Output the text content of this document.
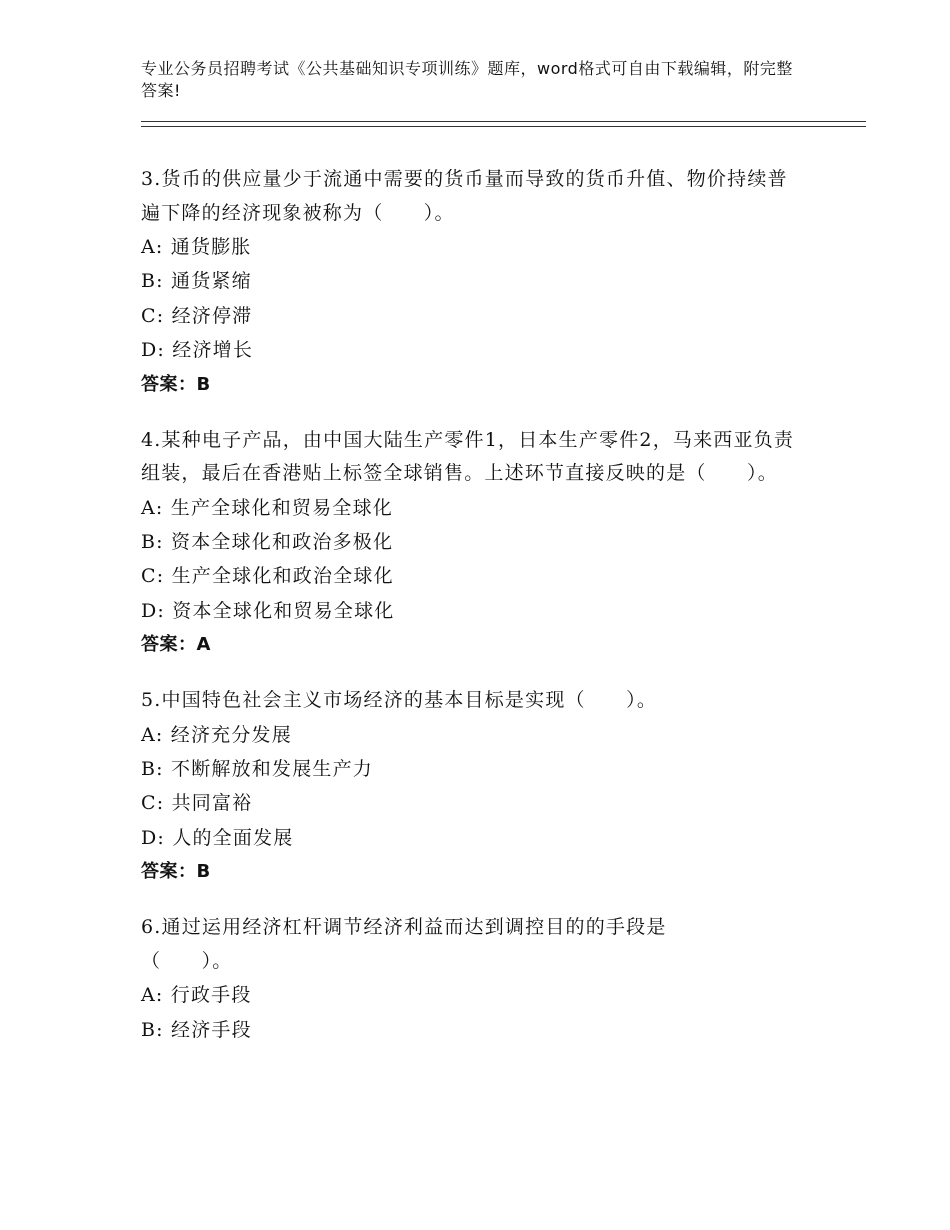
专业公务员招聘考试《公共基础知识专项训练》题库，word格式可自由下载编辑，附完整答案!
3.货币的供应量少于流通中需要的货币量而导致的货币升值、物价持续普遍下降的经济现象被称为（　　）。
A: 通货膨胀
B: 通货紧缩
C: 经济停滞
D: 经济增长
答案：B
4.某种电子产品，由中国大陆生产零件1，日本生产零件2，马来西亚负责组装，最后在香港贴上标签全球销售。上述环节直接反映的是（　　）。
A: 生产全球化和贸易全球化
B: 资本全球化和政治多极化
C: 生产全球化和政治全球化
D: 资本全球化和贸易全球化
答案：A
5.中国特色社会主义市场经济的基本目标是实现（　　）。
A: 经济充分发展
B: 不断解放和发展生产力
C: 共同富裕
D: 人的全面发展
答案：B
6.通过运用经济杠杆调节经济利益而达到调控目的的手段是（　　）。
A: 行政手段
B: 经济手段
